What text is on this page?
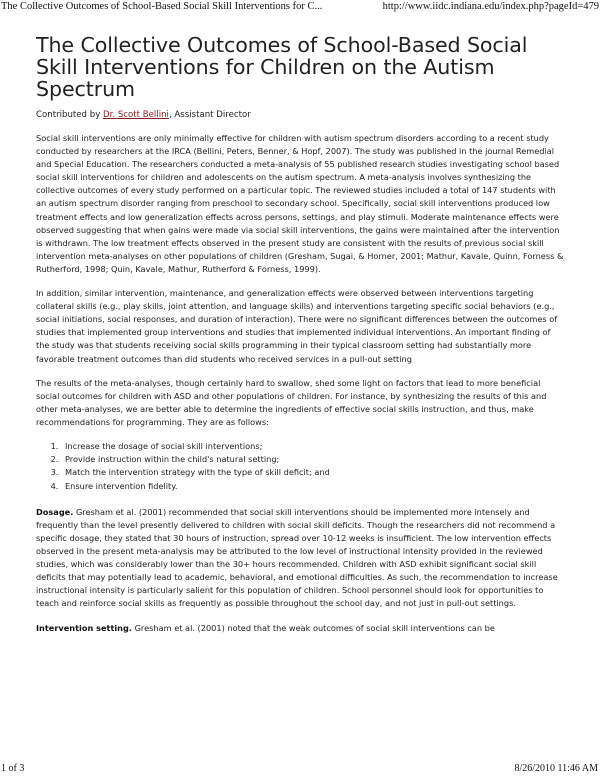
The Collective Outcomes of School-Based Social Skill Interventions for C...	http://www.iidc.indiana.edu/index.php?pageId=479
The Collective Outcomes of School-Based Social Skill Interventions for Children on the Autism Spectrum
Contributed by Dr. Scott Bellini, Assistant Director

Social skill interventions are only minimally effective for children with autism spectrum disorders according to a recent study conducted by researchers at the IRCA (Bellini, Peters, Benner, & Hopf, 2007). The study was published in the journal Remedial and Special Education. The researchers conducted a meta-analysis of 55 published research studies investigating school based social skill interventions for children and adolescents on the autism spectrum. A meta-analysis involves synthesizing the collective outcomes of every study performed on a particular topic. The reviewed studies included a total of 147 students with an autism spectrum disorder ranging from preschool to secondary school. Specifically, social skill interventions produced low treatment effects and low generalization effects across persons, settings, and play stimuli. Moderate maintenance effects were observed suggesting that when gains were made via social skill interventions, the gains were maintained after the intervention is withdrawn. The low treatment effects observed in the present study are consistent with the results of previous social skill intervention meta-analyses on other populations of children (Gresham, Sugai, & Horner, 2001; Mathur, Kavale, Quinn, Forness & Rutherford, 1998; Quin, Kavale, Mathur, Rutherford & Forness, 1999).

In addition, similar intervention, maintenance, and generalization effects were observed between interventions targeting collateral skills (e.g., play skills, joint attention, and language skills) and interventions targeting specific social behaviors (e.g., social initiations, social responses, and duration of interaction). There were no significant differences between the outcomes of studies that implemented group interventions and studies that implemented individual interventions. An important finding of the study was that students receiving social skills programming in their typical classroom setting had substantially more favorable treatment outcomes than did students who received services in a pull-out setting

The results of the meta-analyses, though certainly hard to swallow, shed some light on factors that lead to more beneficial social outcomes for children with ASD and other populations of children. For instance, by synthesizing the results of this and other meta-analyses, we are better able to determine the ingredients of effective social skills instruction, and thus, make recommendations for programming. They are as follows:

1. Increase the dosage of social skill interventions;
2. Provide instruction within the child's natural setting;
3. Match the intervention strategy with the type of skill deficit; and
4. Ensure intervention fidelity.

Dosage. Gresham et al. (2001) recommended that social skill interventions should be implemented more intensely and frequently than the level presently delivered to children with social skill deficits. Though the researchers did not recommend a specific dosage, they stated that 30 hours of instruction, spread over 10-12 weeks is insufficient. The low intervention effects observed in the present meta-analysis may be attributed to the low level of instructional intensity provided in the reviewed studies, which was considerably lower than the 30+ hours recommended. Children with ASD exhibit significant social skill deficits that may potentially lead to academic, behavioral, and emotional difficulties. As such, the recommendation to increase instructional intensity is particularly salient for this population of children. School personnel should look for opportunities to teach and reinforce social skills as frequently as possible throughout the school day, and not just in pull-out settings.

Intervention setting. Gresham et al. (2001) noted that the weak outcomes of social skill interventions can be

1 of 3	8/26/2010 11:46 AM
